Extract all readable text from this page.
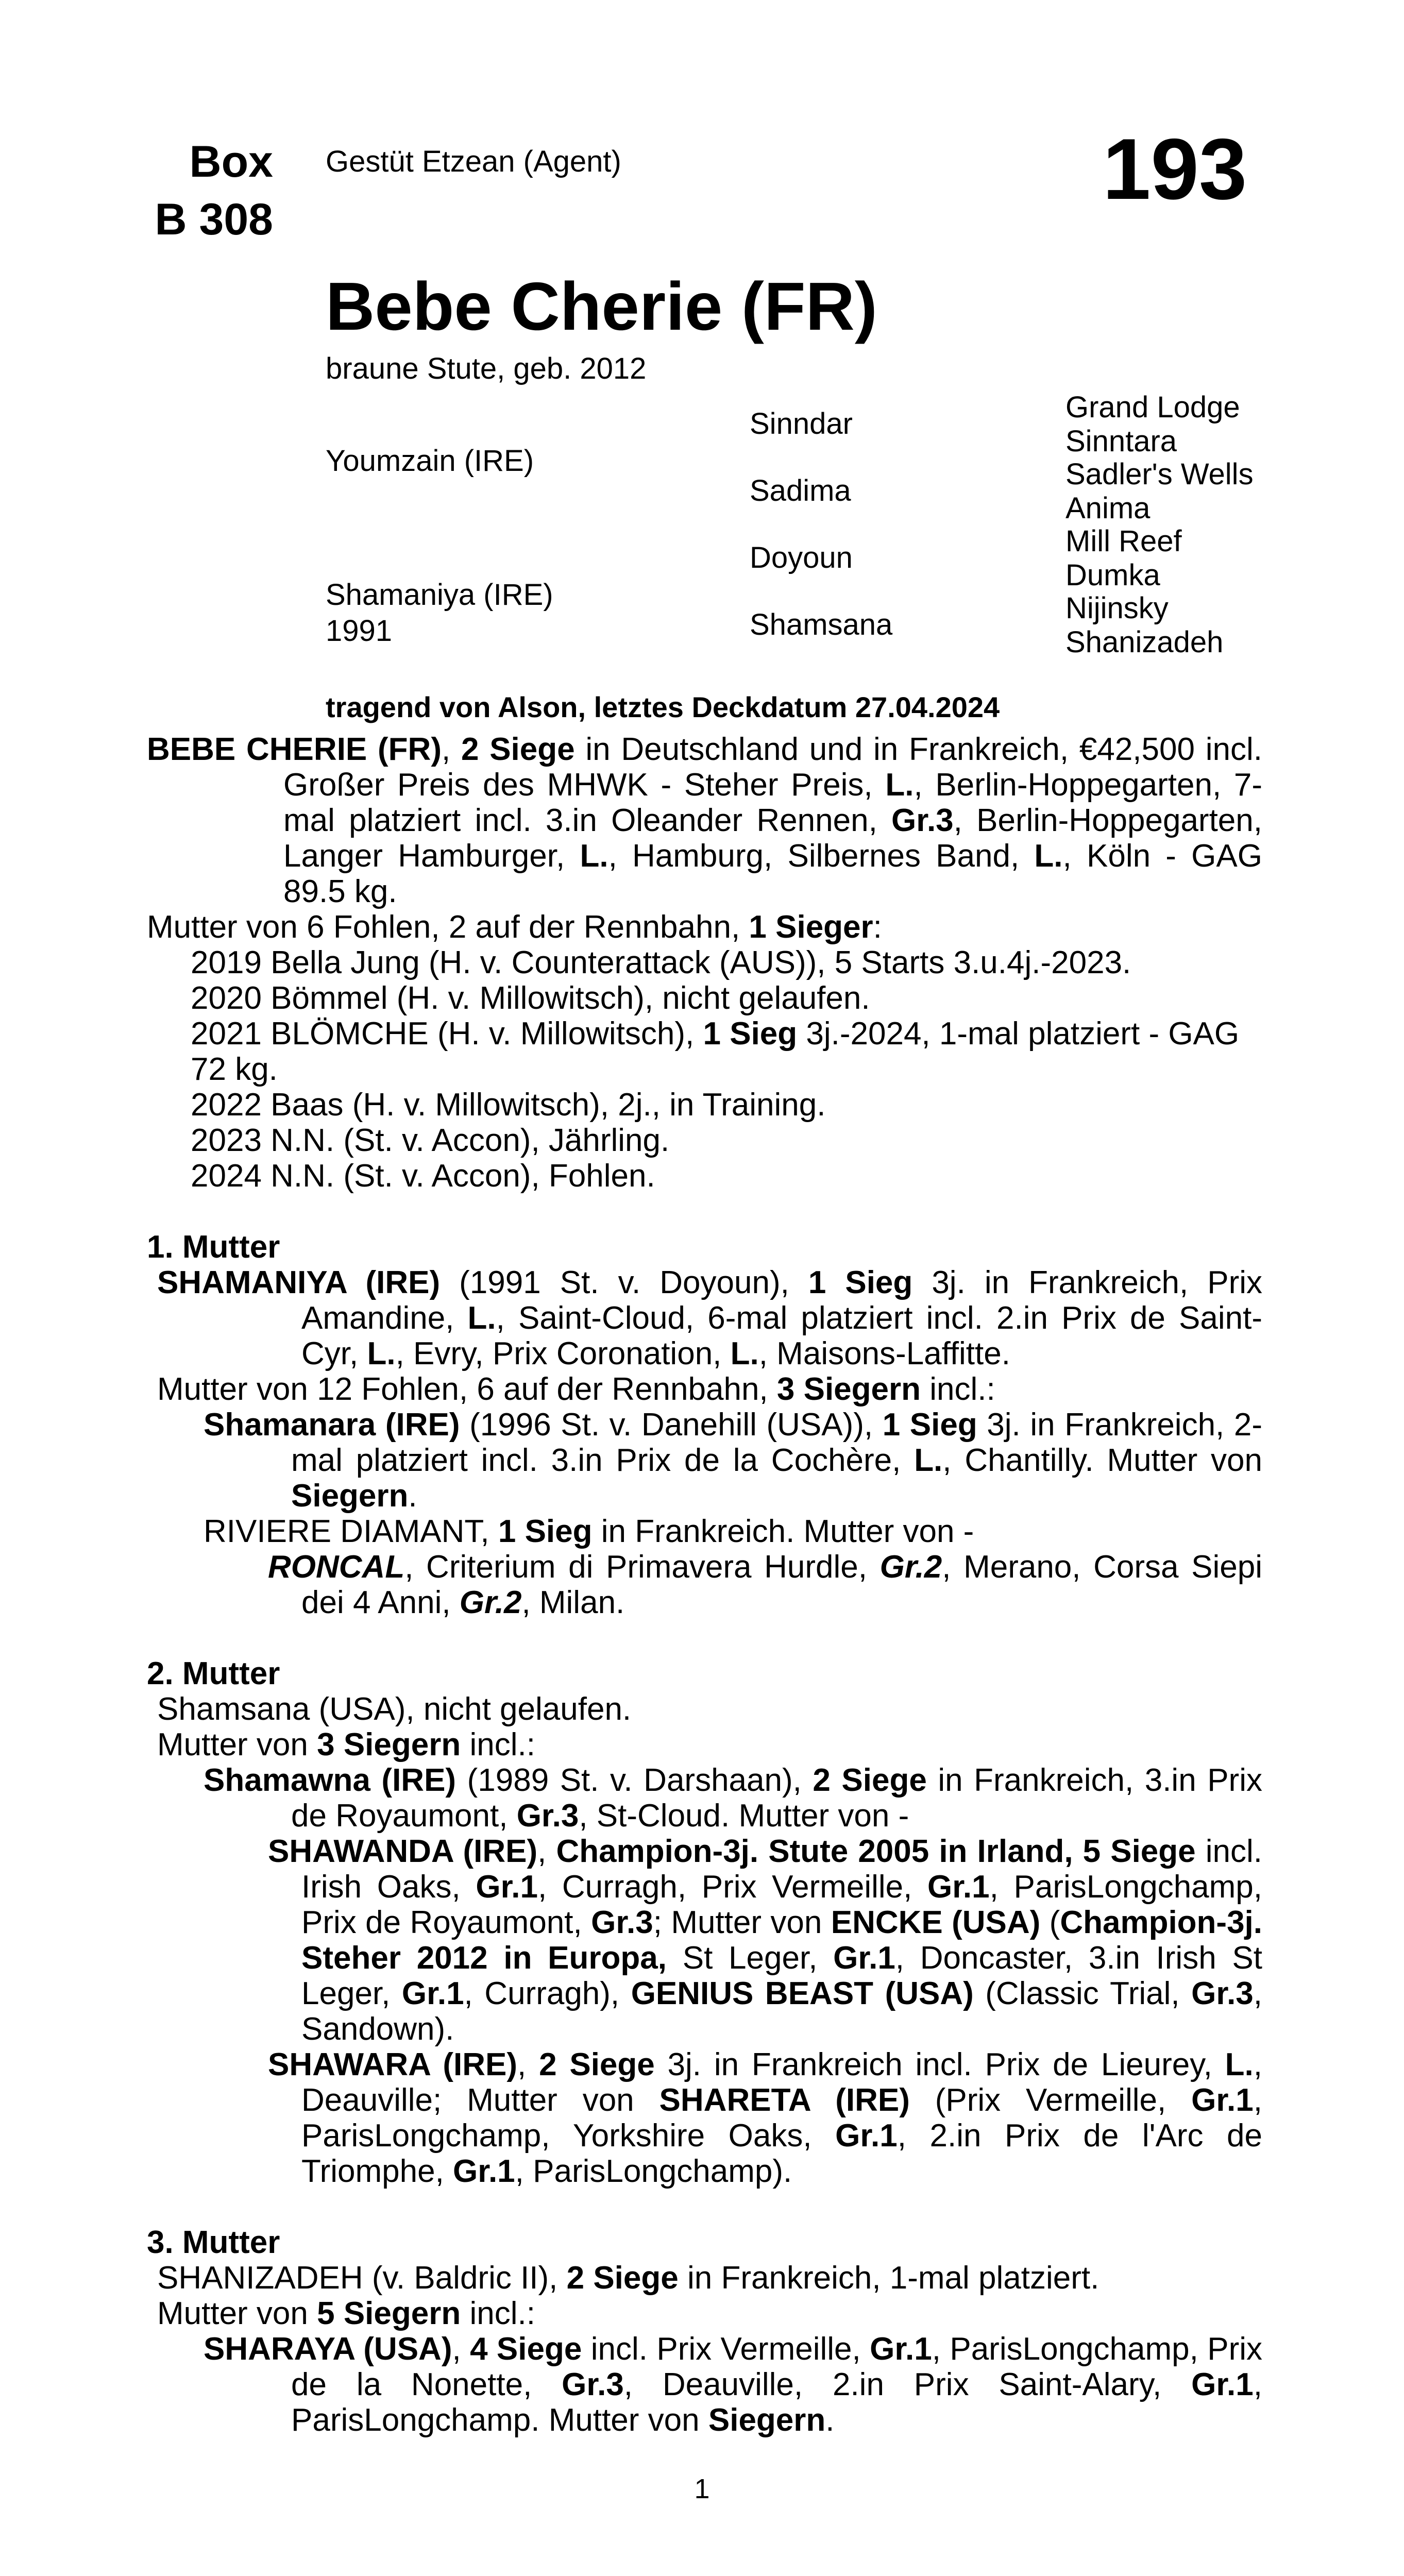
Box
B 308
Gestüt Etzean (Agent)	193
Bebe Cherie (FR)
braune Stute, geb. 2012
Youmzain (IRE)
Shamaniya (IRE)
1991
Sinndar
Sadima
Doyoun
Shamsana
Grand Lodge
Sinntara
Sadler's Wells
Anima
Mill Reef
Dumka
Nijinsky
Shanizadeh
tragend von Alson, letztes Deckdatum 27.04.2024

BEBE CHERIE (FR), 2 Siege in Deutschland und in Frankreich, €42,500 incl. Großer Preis des MHWK - Steher Preis, L., Berlin-Hoppegarten, 7-mal platziert incl. 3.in Oleander Rennen, Gr.3, Berlin-Hoppegarten, Langer Hamburger, L., Hamburg, Silbernes Band, L., Köln - GAG 89.5 kg.

Mutter von 6 Fohlen, 2 auf der Rennbahn, 1 Sieger:

2019 Bella Jung (H. v. Counterattack (AUS)), 5 Starts 3.u.4j.-2023.

2020 Bömmel (H. v. Millowitsch), nicht gelaufen.

2021 BLÖMCHE (H. v. Millowitsch), 1 Sieg 3j.-2024, 1-mal platziert - GAG 72 kg.

2022 Baas (H. v. Millowitsch), 2j., in Training.

2023 N.N. (St. v. Accon), Jährling.

2024 N.N. (St. v. Accon), Fohlen.

1. Mutter

SHAMANIYA (IRE) (1991 St. v. Doyoun), 1 Sieg 3j. in Frankreich, Prix Amandine, L., Saint-Cloud, 6-mal platziert incl. 2.in Prix de Saint-Cyr, L., Evry, Prix Coronation, L., Maisons-Laffitte.

Mutter von 12 Fohlen, 6 auf der Rennbahn, 3 Siegern incl.:

Shamanara (IRE) (1996 St. v. Danehill (USA)), 1 Sieg 3j. in Frankreich, 2-mal platziert incl. 3.in Prix de la Cochère, L., Chantilly. Mutter von Siegern.

RIVIERE DIAMANT, 1 Sieg in Frankreich. Mutter von -

RONCAL, Criterium di Primavera Hurdle, Gr.2, Merano, Corsa Siepi dei 4 Anni, Gr.2, Milan.

2. Mutter

Shamsana (USA), nicht gelaufen.

Mutter von 3 Siegern incl.:

Shamawna (IRE) (1989 St. v. Darshaan), 2 Siege in Frankreich, 3.in Prix de Royaumont, Gr.3, St-Cloud. Mutter von -

SHAWANDA (IRE), Champion-3j. Stute 2005 in Irland, 5 Siege incl. Irish Oaks, Gr.1, Curragh, Prix Vermeille, Gr.1, ParisLongchamp, Prix de Royaumont, Gr.3; Mutter von ENCKE (USA) (Champion-3j. Steher 2012 in Europa, St Leger, Gr.1, Doncaster, 3.in Irish St Leger, Gr.1, Curragh), GENIUS BEAST (USA) (Classic Trial, Gr.3, Sandown).

SHAWARA (IRE), 2 Siege 3j. in Frankreich incl. Prix de Lieurey, L., Deauville; Mutter von SHARETA (IRE) (Prix Vermeille, Gr.1, ParisLongchamp, Yorkshire Oaks, Gr.1, 2.in Prix de l'Arc de Triomphe, Gr.1, ParisLongchamp).

3. Mutter

SHANIZADEH (v. Baldric II), 2 Siege in Frankreich, 1-mal platziert.

Mutter von 5 Siegern incl.:

SHARAYA (USA), 4 Siege incl. Prix Vermeille, Gr.1, ParisLongchamp, Prix de la Nonette, Gr.3, Deauville, 2.in Prix Saint-Alary, Gr.1, ParisLongchamp. Mutter von Siegern.

1
